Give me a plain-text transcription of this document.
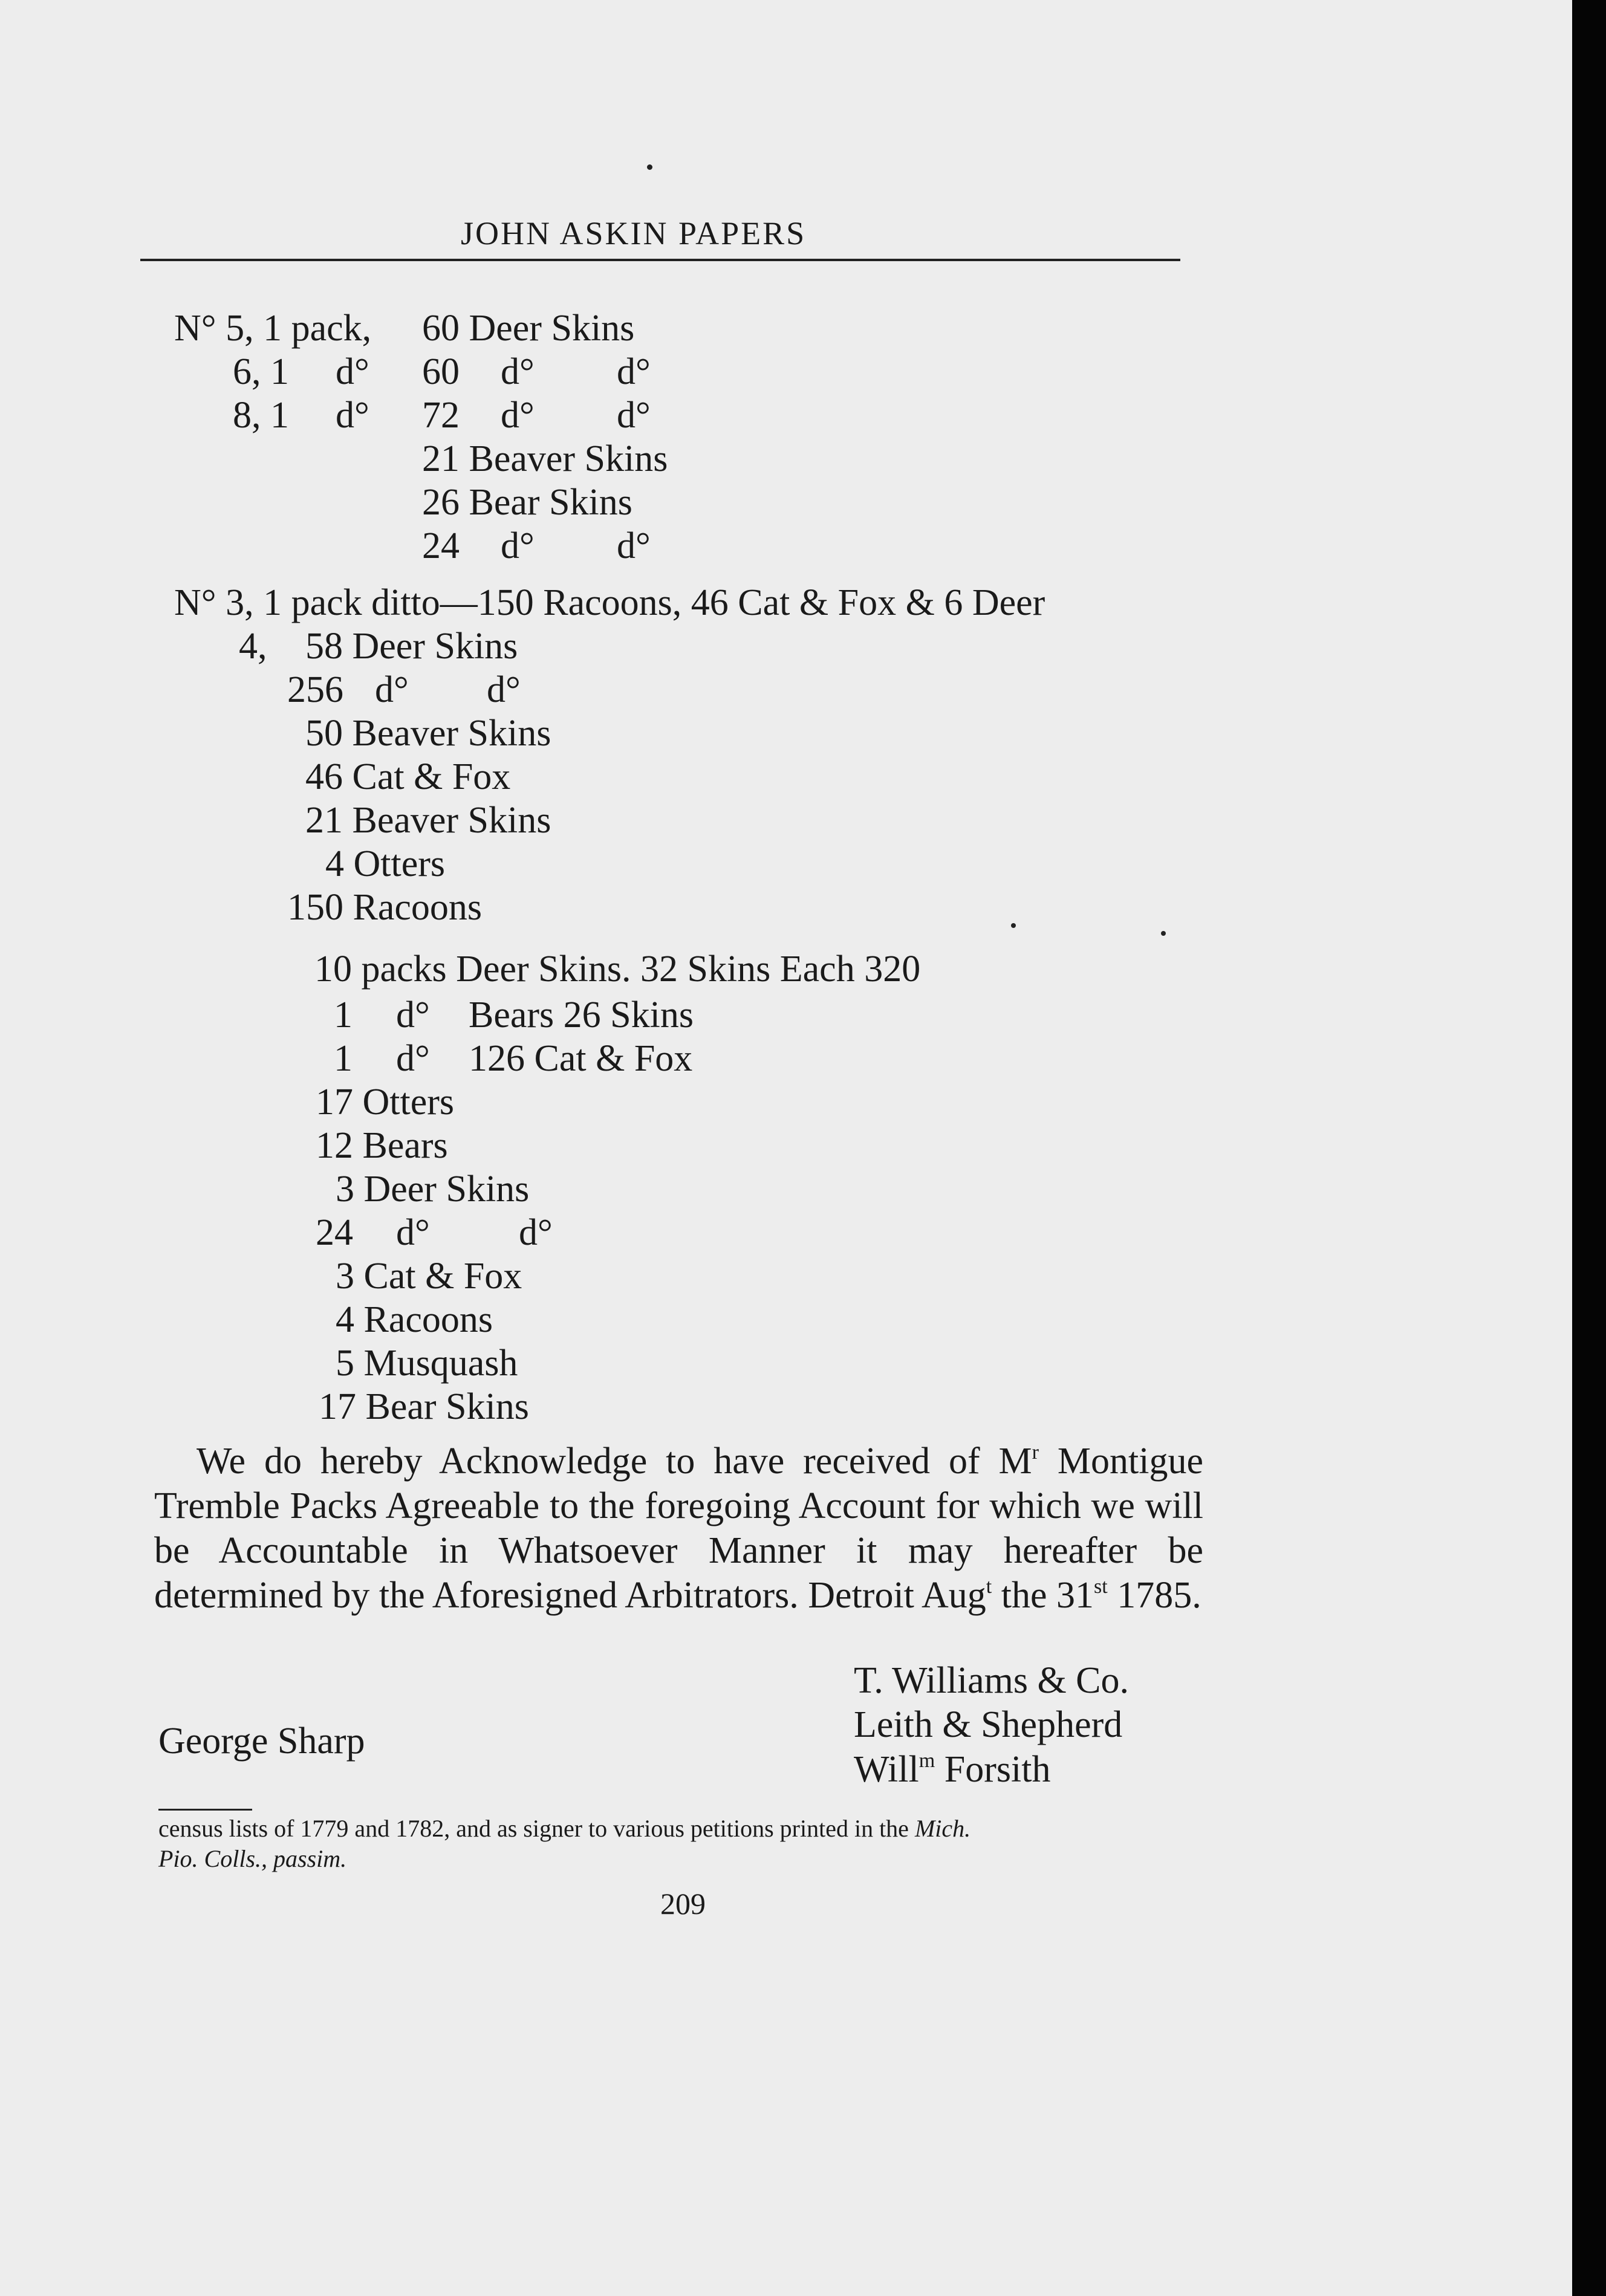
JOHN ASKIN PAPERS
N° 5, 1 pack, 60 Deer Skins
6, 1 d° 60 d° d°
8, 1 d° 72 d° d°
21 Beaver Skins
26 Bear Skins
24 d° d°
N° 3, 1 pack ditto—150 Racoons, 46 Cat & Fox & 6 Deer
4, 58 Deer Skins
256 d° d°
50 Beaver Skins
46 Cat & Fox
21 Beaver Skins
4 Otters
150 Racoons
10 packs Deer Skins. 32 Skins Each 320
1 d° Bears 26 Skins
1 d° 126 Cat & Fox
17 Otters
12 Bears
3 Deer Skins
24 d° d°
3 Cat & Fox
4 Racoons
5 Musquash
17 Bear Skins
We do hereby Acknowledge to have received of $M^r$ Montigue Tremble Packs Agreeable to the foregoing Account for which we will be Accountable in Whatsoever Manner it may hereafter be determined by the Aforesigned Arbitrators. Detroit Aug$^t$ the 31st 1785.
T. Williams & Co.
Leith & Shepherd
Will$^m$ Forsith
George Sharp
census lists of 1779 and 1782, and as signer to various petitions printed in the Mich.
Pio. Colls., passim.
209
